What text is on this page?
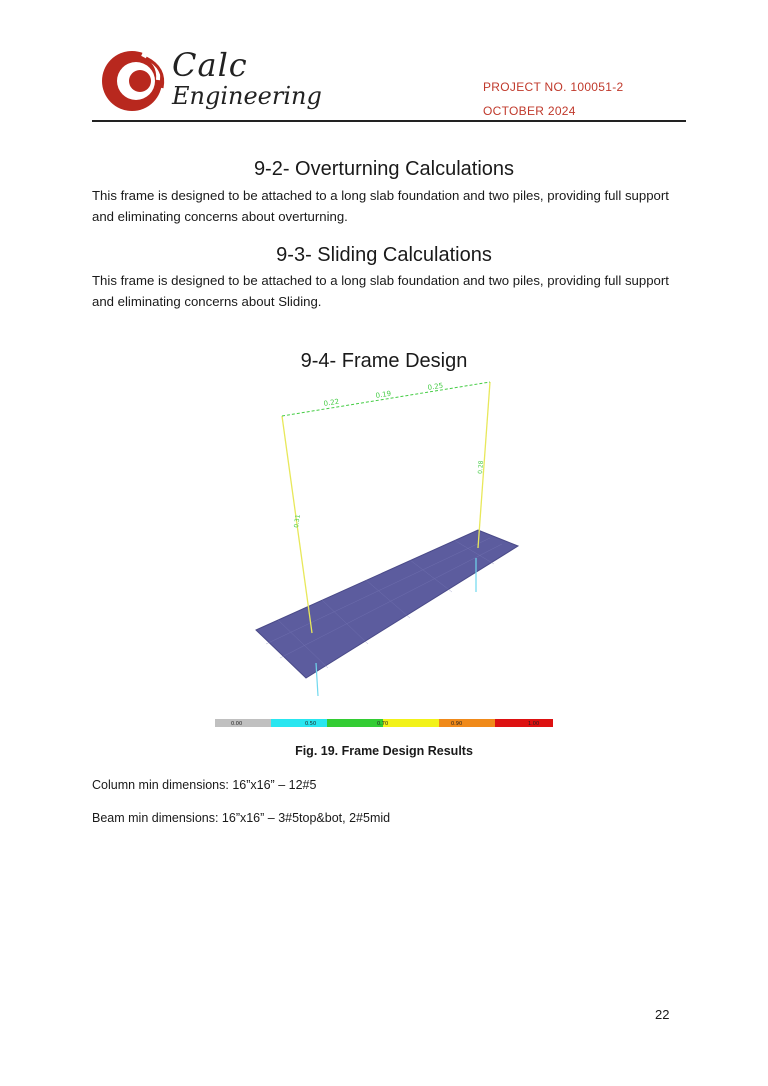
Calc
Engineering	PROJECT NO. 100051-2
OCTOBER 2024
9-2- Overturning Calculations

This frame is designed to be attached to a long slab foundation and two piles, providing full support and eliminating concerns about overturning.

9-3- Sliding Calculations

This frame is designed to be attached to a long slab foundation and two piles, providing full support and eliminating concerns about Sliding.

9-4- Frame Design
0.22
0.19
0.25
0.31
0.28
0.00	0.50	0.70	0.90	1.00
Fig. 19. Frame Design Results
Column min dimensions: 16”x16” – 12#5
Beam min dimensions: 16”x16” – 3#5top&bot, 2#5mid
22
